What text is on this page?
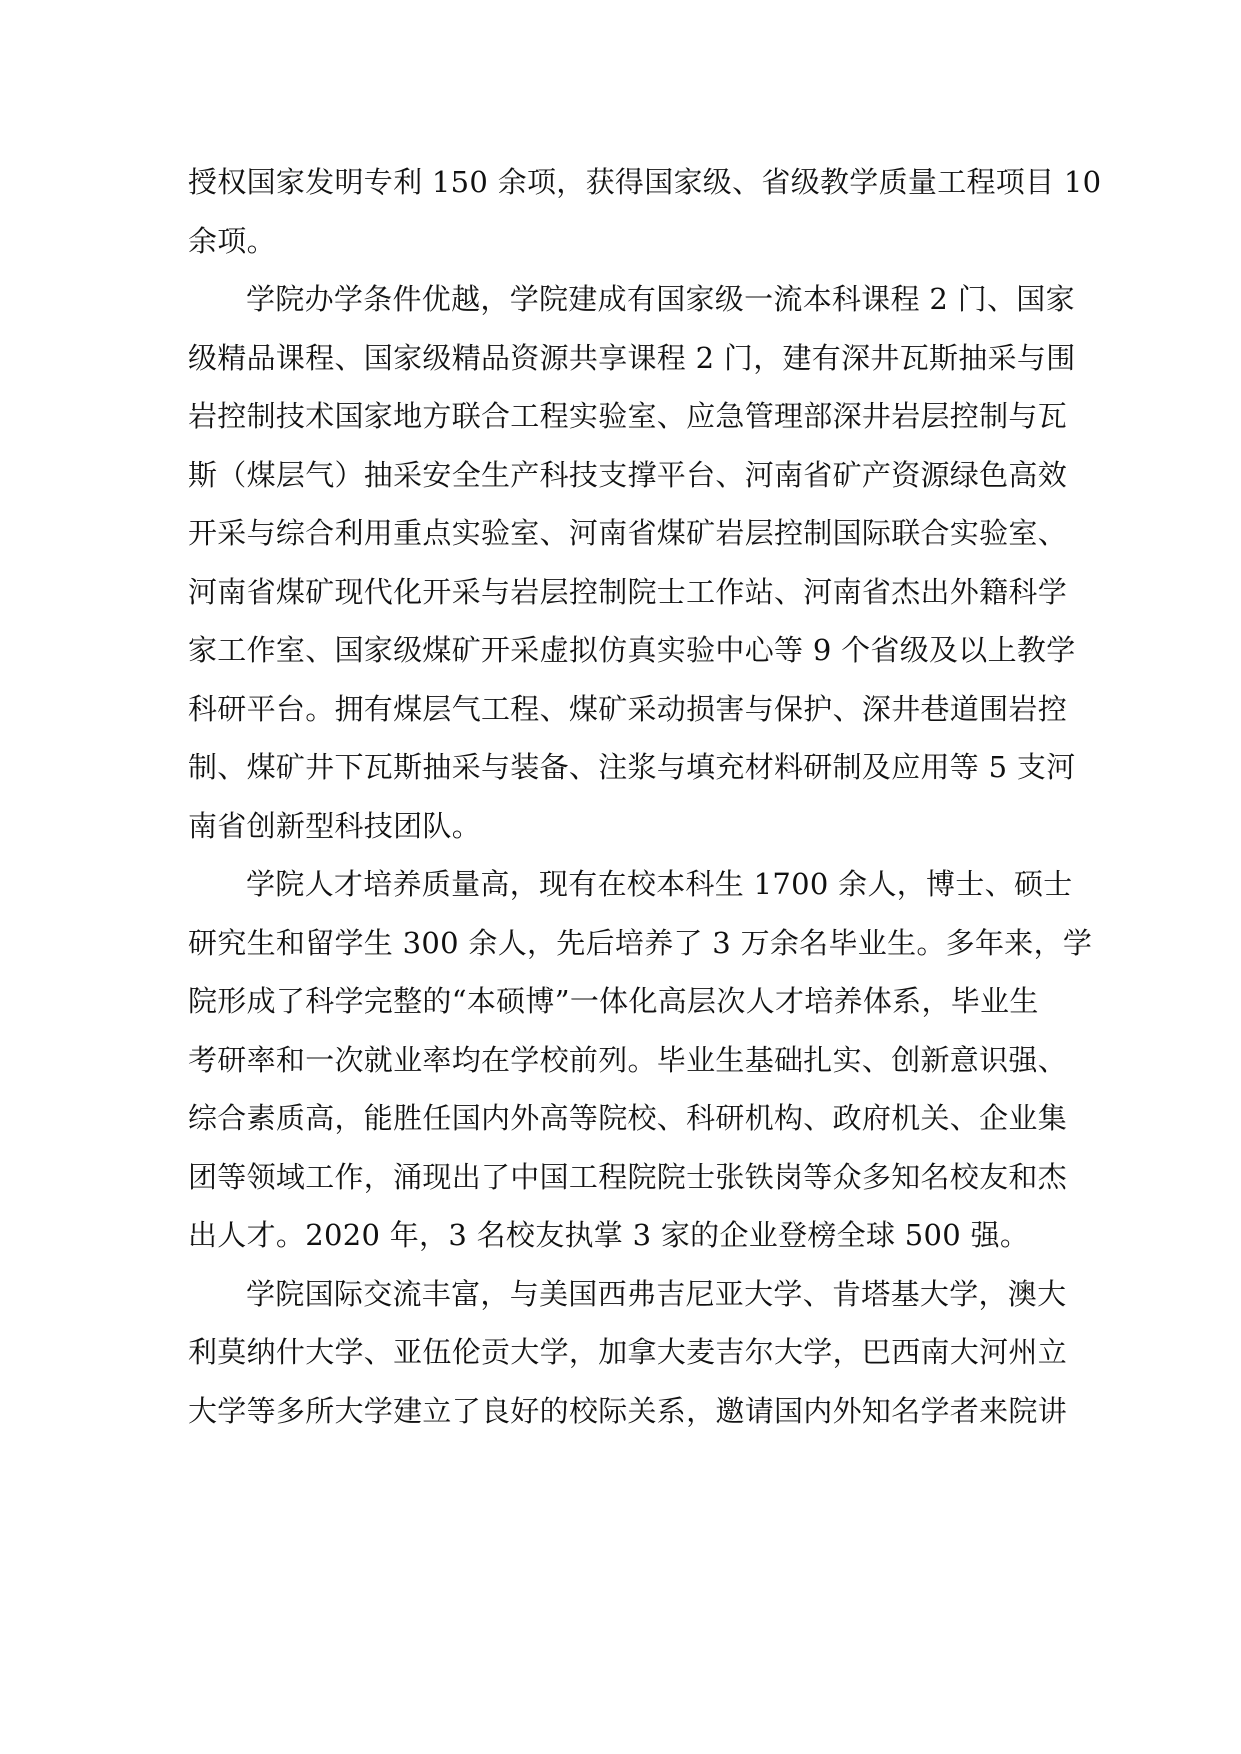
授权国家发明专利 150 余项，获得国家级、省级教学质量工程项目 10
余项。
学院办学条件优越，学院建成有国家级一流本科课程 2 门、国家
级精品课程、国家级精品资源共享课程 2 门，建有深井瓦斯抽采与围
岩控制技术国家地方联合工程实验室、应急管理部深井岩层控制与瓦
斯（煤层气）抽采安全生产科技支撑平台、河南省矿产资源绿色高效
开采与综合利用重点实验室、河南省煤矿岩层控制国际联合实验室、
河南省煤矿现代化开采与岩层控制院士工作站、河南省杰出外籍科学
家工作室、国家级煤矿开采虚拟仿真实验中心等 9 个省级及以上教学
科研平台。拥有煤层气工程、煤矿采动损害与保护、深井巷道围岩控
制、煤矿井下瓦斯抽采与装备、注浆与填充材料研制及应用等 5 支河
南省创新型科技团队。
学院人才培养质量高，现有在校本科生 1700 余人，博士、硕士
研究生和留学生 300 余人，先后培养了 3 万余名毕业生。多年来，学
院形成了科学完整的“本硕博”一体化高层次人才培养体系，毕业生
考研率和一次就业率均在学校前列。毕业生基础扎实、创新意识强、
综合素质高，能胜任国内外高等院校、科研机构、政府机关、企业集
团等领域工作，涌现出了中国工程院院士张铁岗等众多知名校友和杰
出人才。2020 年，3 名校友执掌 3 家的企业登榜全球 500 强。
学院国际交流丰富，与美国西弗吉尼亚大学、肯塔基大学，澳大
利莫纳什大学、亚伍伦贡大学，加拿大麦吉尔大学，巴西南大河州立
大学等多所大学建立了良好的校际关系，邀请国内外知名学者来院讲
